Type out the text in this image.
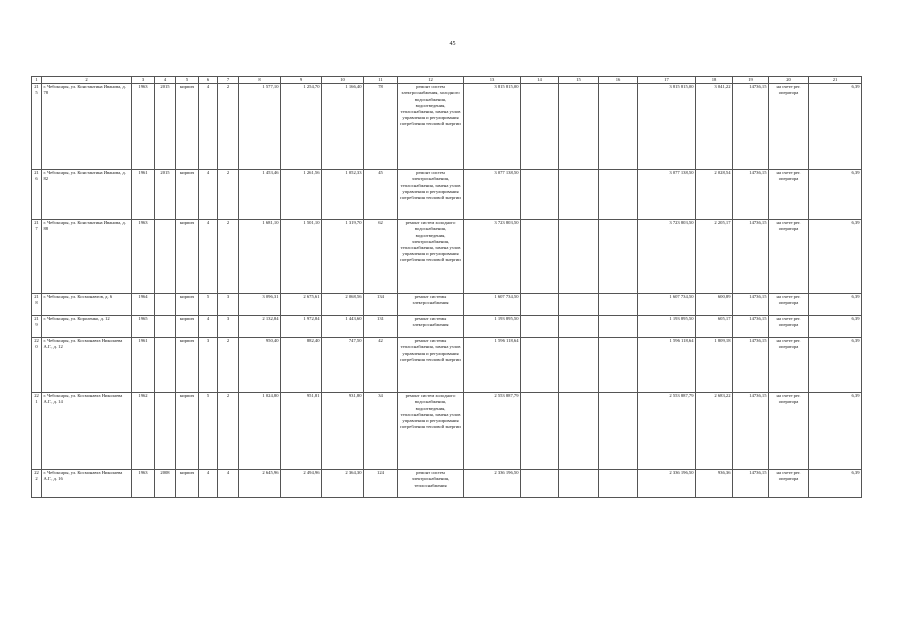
45
1	2	3	4	5	6	7	8	9	10	11	12	13	14	15	16	17	18	19	20	21
215	г. Чебоксары, ул. Константина Иванова, д. 78	1963	2015	кирпич	4	2	1 577,10	1 254,70	1 166,40	78	ремонт систем электроснабжения, холодного водоснабжения, водоотведения, теплоснабжения, замена узлов управления и регулирования потребления тепловой энергии	3 815 815,00				3 815 815,00	3 041,22	14736,15	на счете рег. оператора	6,39
216	г. Чебоксары, ул. Константина Иванова, д. 82	1961	2015	кирпич	4	2	1 453,46	1 261,56	1 052,33	45	ремонт систем электроснабжения, теплоснабжения, замена узлов управления и регулирования потребления тепловой энергии	3 077 138,50				3 077 138,50	2 028,54	14736,15	на счете рег. оператора	6,39
217	г. Чебоксары, ул. Константина Иванова, д. 88	1963		кирпич	4	2	1 681,10	1 501,10	1 319,70	62	ремонт систем холодного водоснабжения, водоотведения, электроснабжения, теплоснабжения, замена узлов управления и регулирования потребления тепловой энергии	3 723 803,50				3 723 803,50	2 205,17	14736,15	на счете рег. оператора	6,39
218	г. Чебоксары, ул. Космонавтов, д. 6	1964		кирпич	5	3	3 096,31	2 675,61	2 068,56	134	ремонт системы электроснабжения	1 607 734,50				1 607 734,50	600,89	14736,15	на счете рег. оператора	6,39
219	г. Чебоксары, ул. Короленко, д. 12	1965		кирпич	4	3	2 132,84	1 972,84	1 443,60	131	ремонт системы электроснабжения	1 193 895,50				1 193 895,50	605,17	14736,15	на счете рег. оператора	6,39
220	г. Чебоксары, ул. Космонавта Николаева А.Г., д. 12	1961		кирпич	3	2	950,40	882,40	747,50	42	ремонт системы теплоснабжения, замена узлов управления и регулирования потребления тепловой энергии	1 596 118,64				1 596 118,64	1 809,18	14736,15	на счете рег. оператора	6,39
221	г. Чебоксары, ул. Космонавта Николаева А.Г., д. 14	1962		кирпич	5	2	1 024,80	951,81	931,80	34	ремонт систем холодного водоснабжения, водоотведения, теплоснабжения, замена узлов управления и регулирования потребления тепловой энергии	2 553 887,79				2 553 887,79	2 683,22	14736,15	на счете рег. оператора	6,39
222	г. Чебоксары, ул. Космонавта Николаева А.Г., д. 16	1963	2008	кирпич	4	4	2 645,96	2 494,96	2 364,30	124	ремонт систем электроснабжения, теплоснабжения	2 336 196,50				2 336 196,50	936,36	14736,15	на счете рег. оператора	6,39
